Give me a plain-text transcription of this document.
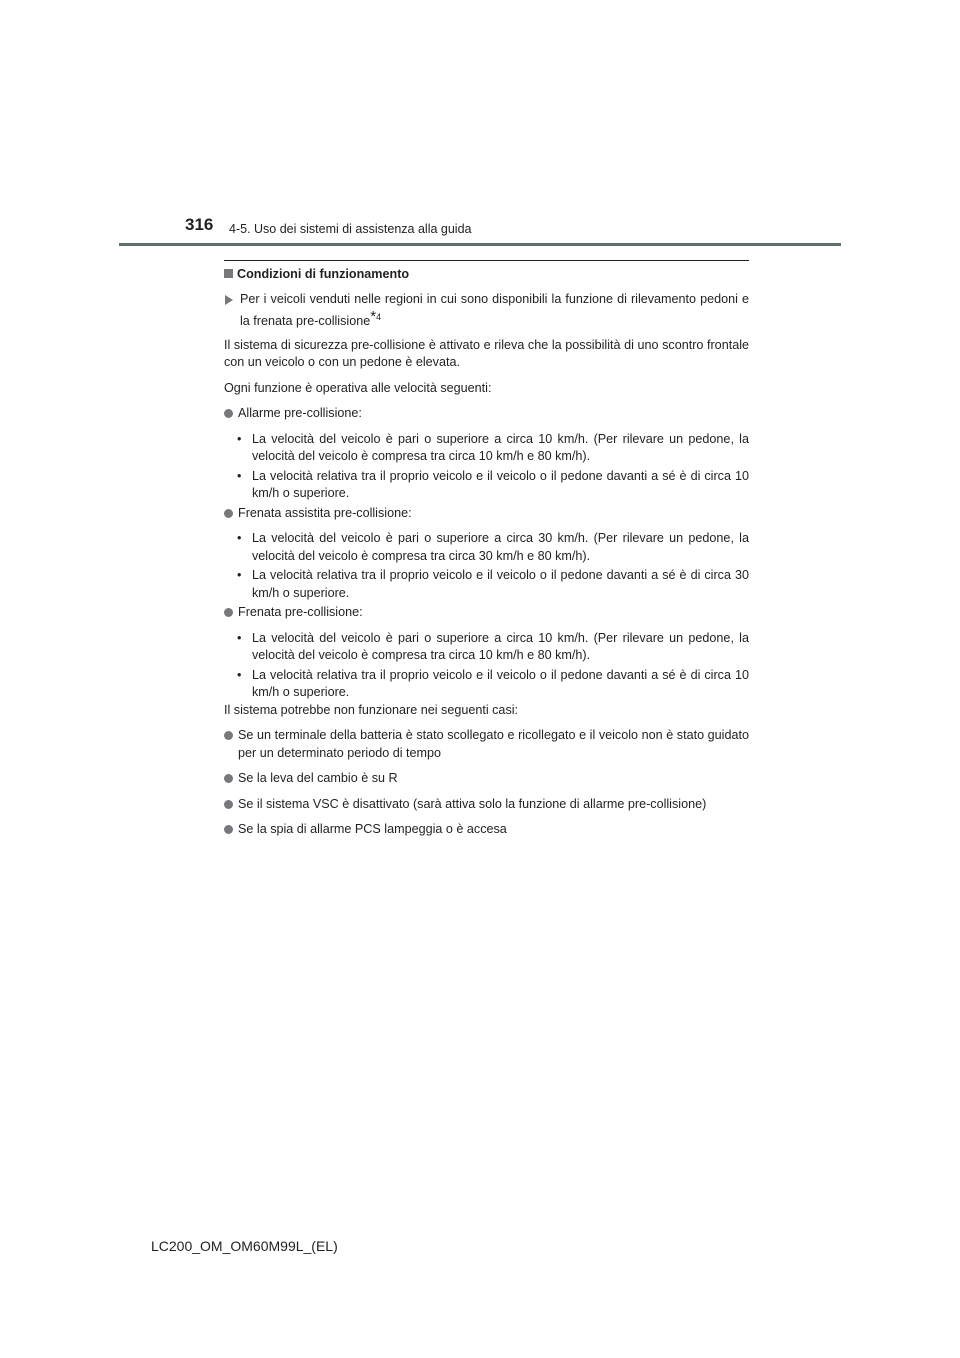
316 4-5. Uso dei sistemi di assistenza alla guida

Condizioni di funzionamento

Per i veicoli venduti nelle regioni in cui sono disponibili la funzione di rilevamento pedoni e la frenata pre-collisione*$^4$

Il sistema di sicurezza pre-collisione è attivato e rileva che la possibilità di uno scontro frontale con un veicolo o con un pedone è elevata.

Ogni funzione è operativa alle velocità seguenti:

Allarme pre-collisione:
• La velocità del veicolo è pari o superiore a circa 10 km/h. (Per rilevare un pedone, la velocità del veicolo è compresa tra circa 10 km/h e 80 km/h).
• La velocità relativa tra il proprio veicolo e il veicolo o il pedone davanti a sé è di circa 10 km/h o superiore.
Frenata assistita pre-collisione:
• La velocità del veicolo è pari o superiore a circa 30 km/h. (Per rilevare un pedone, la velocità del veicolo è compresa tra circa 30 km/h e 80 km/h).
• La velocità relativa tra il proprio veicolo e il veicolo o il pedone davanti a sé è di circa 30 km/h o superiore.
Frenata pre-collisione:
• La velocità del veicolo è pari o superiore a circa 10 km/h. (Per rilevare un pedone, la velocità del veicolo è compresa tra circa 10 km/h e 80 km/h).
• La velocità relativa tra il proprio veicolo e il veicolo o il pedone davanti a sé è di circa 10 km/h o superiore.

Il sistema potrebbe non funzionare nei seguenti casi:

Se un terminale della batteria è stato scollegato e ricollegato e il veicolo non è stato guidato per un determinato periodo di tempo
Se la leva del cambio è su R
Se il sistema VSC è disattivato (sarà attiva solo la funzione di allarme pre-collisione)
Se la spia di allarme PCS lampeggia o è accesa
LC200_OM_OM60M99L_(EL)
